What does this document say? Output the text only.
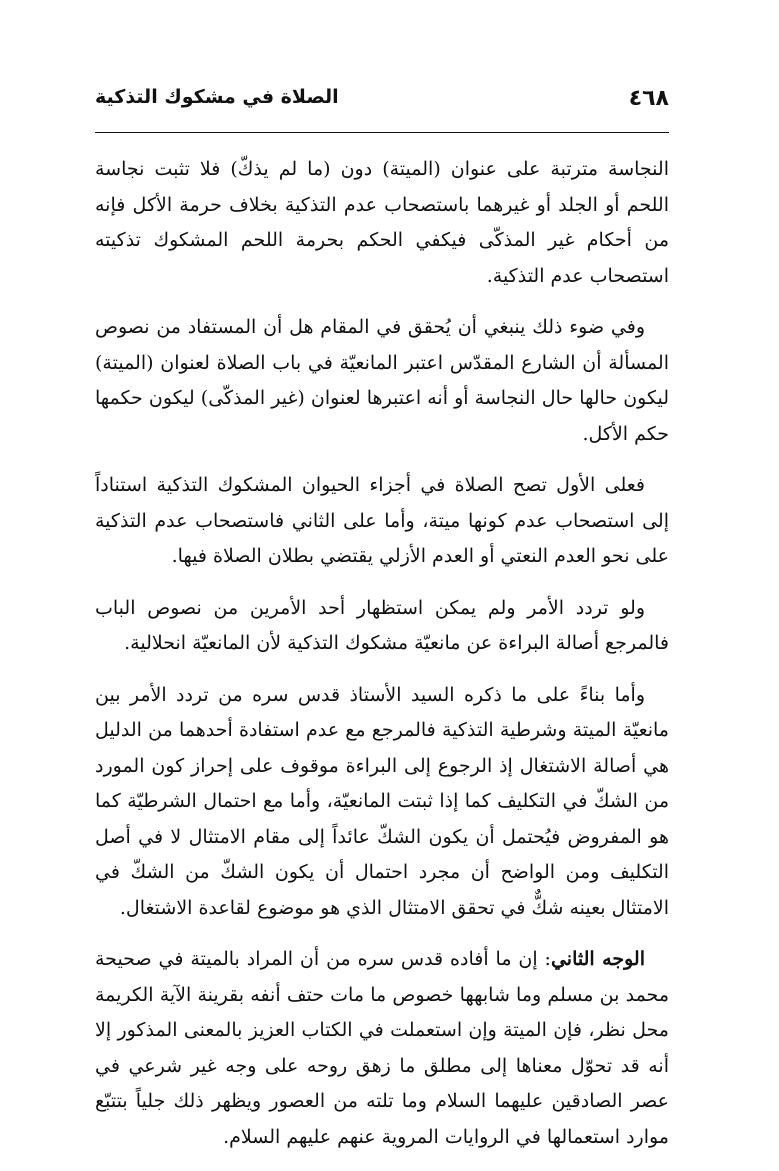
٤٦٨
الصلاة في مشكوك التذكية

النجاسة مترتبة على عنوان (الميتة) دون (ما لم يذكّ) فلا تثبت نجاسة اللحم أو الجلد أو غيرهما باستصحاب عدم التذكية بخلاف حرمة الأكل فإنه من أحكام غير المذكّى فيكفي الحكم بحرمة اللحم المشكوك تذكيته استصحاب عدم التذكية.

وفي ضوء ذلك ينبغي أن يُحقق في المقام هل أن المستفاد من نصوص المسألة أن الشارع المقدّس اعتبر المانعيّة في باب الصلاة لعنوان (الميتة) ليكون حالها حال النجاسة أو أنه اعتبرها لعنوان (غير المذكّى) ليكون حكمها حكم الأكل.

فعلى الأول تصح الصلاة في أجزاء الحيوان المشكوك التذكية استناداً إلى استصحاب عدم كونها ميتة، وأما على الثاني فاستصحاب عدم التذكية على نحو العدم النعتي أو العدم الأزلي يقتضي بطلان الصلاة فيها.

ولو تردد الأمر ولم يمكن استظهار أحد الأمرين من نصوص الباب فالمرجع أصالة البراءة عن مانعيّة مشكوك التذكية لأن المانعيّة انحلالية.

وأما بناءً على ما ذكره السيد الأستاذ قدس سره من تردد الأمر بين مانعيّة الميتة وشرطية التذكية فالمرجع مع عدم استفادة أحدهما من الدليل هي أصالة الاشتغال إذ الرجوع إلى البراءة موقوف على إحراز كون المورد من الشكّ في التكليف كما إذا ثبتت المانعيّة، وأما مع احتمال الشرطيّة كما هو المفروض فيُحتمل أن يكون الشكّ عائداً إلى مقام الامتثال لا في أصل التكليف ومن الواضح أن مجرد احتمال أن يكون الشكّ من الشكّ في الامتثال بعينه شكٌّ في تحقق الامتثال الذي هو موضوع لقاعدة الاشتغال.

الوجه الثاني: إن ما أفاده قدس سره من أن المراد بالميتة في صحيحة محمد بن مسلم وما شابهها خصوص ما مات حتف أنفه بقرينة الآية الكريمة محل نظر، فإن الميتة وإن استعملت في الكتاب العزيز بالمعنى المذكور إلا أنه قد تحوّل معناها إلى مطلق ما زهق روحه على وجه غير شرعي في عصر الصادقين عليهما السلام وما تلته من العصور ويظهر ذلك جلياً بتتبّع موارد استعمالها في الروايات المروية عنهم عليهم السلام.
